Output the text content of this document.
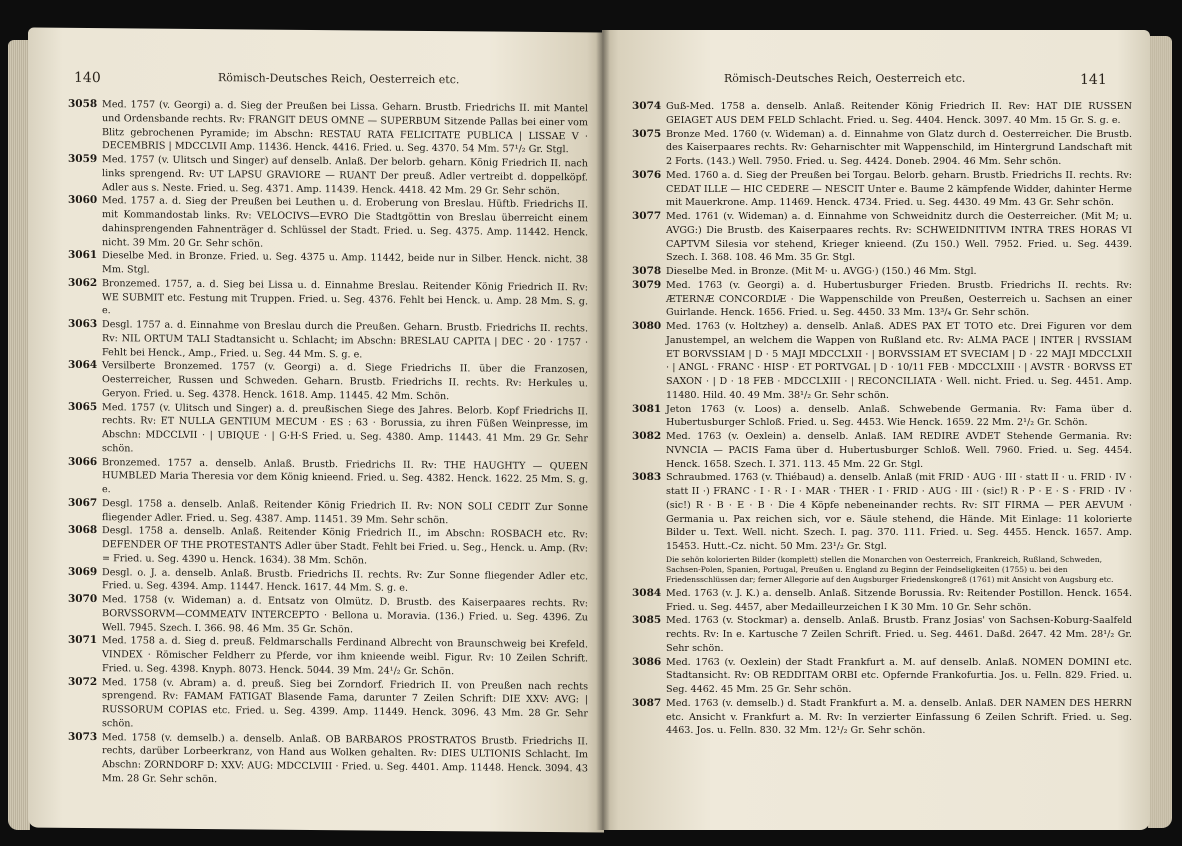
140	Römisch-Deutsches Reich, Oesterreich etc.
3058 Med. 1757 (v. Georgi) a. d. Sieg der Preußen bei Lissa. Geharn. Brustb. Friedrichs II. mit Mantel und Ordensbande rechts. Rv: FRANGIT DEUS OMNE — SUPERBUM Sitzende Pallas bei einer vom Blitz gebrochenen Pyramide; im Abschn: RESTAU RATA FELICITATE PUBLICA | LISSAE V · DECEMBRIS | MDCCLVII Amp. 11436. Henck. 4416. Fried. u. Seg. 4370. 54 Mm. 57¹/₂ Gr. Stgl.
3059 Med. 1757 (v. Ulitsch und Singer) auf denselb. Anlaß. Der belorb. geharn. König Friedrich II. nach links sprengend. Rv: UT LAPSU GRAVIORE — RUANT Der preuß. Adler vertreibt d. doppelköpf. Adler aus s. Neste. Fried. u. Seg. 4371. Amp. 11439. Henck. 4418. 42 Mm. 29 Gr. Sehr schön.
3060 Med. 1757 a. d. Sieg der Preußen bei Leuthen u. d. Eroberung von Breslau. Hüftb. Friedrichs II. mit Kommandostab links. Rv: VELOCIVS—EVRO Die Stadtgöttin von Breslau überreicht einem dahinsprengenden Fahnenträger d. Schlüssel der Stadt. Fried. u. Seg. 4375. Amp. 11442. Henck. nicht. 39 Mm. 20 Gr. Sehr schön.
3061 Dieselbe Med. in Bronze. Fried. u. Seg. 4375 u. Amp. 11442, beide nur in Silber. Henck. nicht. 38 Mm. Stgl.
3062 Bronzemed. 1757, a. d. Sieg bei Lissa u. d. Einnahme Breslau. Reitender König Friedrich II. Rv: WE SUBMIT etc. Festung mit Truppen. Fried. u. Seg. 4376. Fehlt bei Henck. u. Amp. 28 Mm. S. g. e.
3063 Desgl. 1757 a. d. Einnahme von Breslau durch die Preußen. Geharn. Brustb. Friedrichs II. rechts. Rv: NIL ORTUM TALI Stadtansicht u. Schlacht; im Abschn: BRESLAU CAPITA | DEC · 20 · 1757 · Fehlt bei Henck., Amp., Fried. u. Seg. 44 Mm. S. g. e.
3064 Versilberte Bronzemed. 1757 (v. Georgi) a. d. Siege Friedrichs II. über die Franzosen, Oesterreicher, Russen und Schweden. Geharn. Brustb. Friedrichs II. rechts. Rv: Herkules u. Geryon. Fried. u. Seg. 4378. Henck. 1618. Amp. 11445. 42 Mm. Schön.
3065 Med. 1757 (v. Ulitsch und Singer) a. d. preußischen Siege des Jahres. Belorb. Kopf Friedrichs II. rechts. Rv: ET NULLA GENTIUM MECUM · ES : 63 · Borussia, zu ihren Füßen Weinpresse, im Abschn: MDCCLVII · | UBIQUE · | G·H·S Fried. u. Seg. 4380. Amp. 11443. 41 Mm. 29 Gr. Sehr schön.
3066 Bronzemed. 1757 a. denselb. Anlaß. Brustb. Friedrichs II. Rv: THE HAUGHTY — QUEEN HUMBLED Maria Theresia vor dem König knieend. Fried. u. Seg. 4382. Henck. 1622. 25 Mm. S. g. e.
3067 Desgl. 1758 a. denselb. Anlaß. Reitender König Friedrich II. Rv: NON SOLI CEDIT Zur Sonne fliegender Adler. Fried. u. Seg. 4387. Amp. 11451. 39 Mm. Sehr schön.
3068 Desgl. 1758 a. denselb. Anlaß. Reitender König Friedrich II., im Abschn: ROSBACH etc. Rv: DEFENDER OF THE PROTESTANTS Adler über Stadt. Fehlt bei Fried. u. Seg., Henck. u. Amp. (Rv: = Fried. u. Seg. 4390 u. Henck. 1634). 38 Mm. Schön.
3069 Desgl. o. J. a. denselb. Anlaß. Brustb. Friedrichs II. rechts. Rv: Zur Sonne fliegender Adler etc. Fried. u. Seg. 4394. Amp. 11447. Henck. 1617. 44 Mm. S. g. e.
3070 Med. 1758 (v. Wideman) a. d. Entsatz von Olmütz. D. Brustb. des Kaiserpaares rechts. Rv: BORVSSORVM—COMMEATV INTERCEPTO · Bellona u. Moravia. (136.) Fried. u. Seg. 4396. Zu Well. 7945. Szech. I. 366. 98. 46 Mm. 35 Gr. Schön.
3071 Med. 1758 a. d. Sieg d. preuß. Feldmarschalls Ferdinand Albrecht von Braunschweig bei Krefeld. VINDEX · Römischer Feldherr zu Pferde, vor ihm knieende weibl. Figur. Rv: 10 Zeilen Schrift. Fried. u. Seg. 4398. Knyph. 8073. Henck. 5044. 39 Mm. 24¹/₂ Gr. Schön.
3072 Med. 1758 (v. Abram) a. d. preuß. Sieg bei Zorndorf. Friedrich II. von Preußen nach rechts sprengend. Rv: FAMAM FATIGAT Blasende Fama, darunter 7 Zeilen Schrift: DIE XXV: AVG: | RUSSORUM COPIAS etc. Fried. u. Seg. 4399. Amp. 11449. Henck. 3096. 43 Mm. 28 Gr. Sehr schön.
3073 Med. 1758 (v. demselb.) a. denselb. Anlaß. OB BARBAROS PROSTRATOS Brustb. Friedrichs II. rechts, darüber Lorbeerkranz, von Hand aus Wolken gehalten. Rv: DIES ULTIONIS Schlacht. Im Abschn: ZORNDORF D: XXV: AUG: MDCCLVIII · Fried. u. Seg. 4401. Amp. 11448. Henck. 3094. 43 Mm. 28 Gr. Sehr schön.
Römisch-Deutsches Reich, Oesterreich etc.	141
3074 Guß-Med. 1758 a. denselb. Anlaß. Reitender König Friedrich II. Rev: HAT DIE RUSSEN GEIAGET AUS DEM FELD Schlacht. Fried. u. Seg. 4404. Henck. 3097. 40 Mm. 15 Gr. S. g. e.
3075 Bronze Med. 1760 (v. Wideman) a. d. Einnahme von Glatz durch d. Oesterreicher. Die Brustb. des Kaiserpaares rechts. Rv: Geharnischter mit Wappenschild, im Hintergrund Landschaft mit 2 Forts. (143.) Well. 7950. Fried. u. Seg. 4424. Doneb. 2904. 46 Mm. Sehr schön.
3076 Med. 1760 a. d. Sieg der Preußen bei Torgau. Belorb. geharn. Brustb. Friedrichs II. rechts. Rv: CEDAT ILLE — HIC CEDERE — NESCIT Unter e. Baume 2 kämpfende Widder, dahinter Herme mit Mauerkrone. Amp. 11469. Henck. 4734. Fried. u. Seg. 4430. 49 Mm. 43 Gr. Sehr schön.
3077 Med. 1761 (v. Wideman) a. d. Einnahme von Schweidnitz durch die Oesterreicher. (Mit M; u. AVGG:) Die Brustb. des Kaiserpaares rechts. Rv: SCHWEIDNITIVM INTRA TRES HORAS VI CAPTVM Silesia vor stehend, Krieger knieend. (Zu 150.) Well. 7952. Fried. u. Seg. 4439. Szech. I. 368. 108. 46 Mm. 35 Gr. Stgl.
3078 Dieselbe Med. in Bronze. (Mit M· u. AVGG·) (150.) 46 Mm. Stgl.
3079 Med. 1763 (v. Georgi) a. d. Hubertusburger Frieden. Brustb. Friedrichs II. rechts. Rv: ÆTERNÆ CONCORDIÆ · Die Wappenschilde von Preußen, Oesterreich u. Sachsen an einer Guirlande. Henck. 1656. Fried. u. Seg. 4450. 33 Mm. 13³/₄ Gr. Sehr schön.
3080 Med. 1763 (v. Holtzhey) a. denselb. Anlaß. ADES PAX ET TOTO etc. Drei Figuren vor dem Janustempel, an welchem die Wappen von Rußland etc. Rv: ALMA PACE | INTER | RVSSIAM ET BORVSSIAM | D · 5 MAJI MDCCLXII · | BORVSSIAM ET SVECIAM | D · 22 MAJI MDCCLXII · | ANGL · FRANC · HISP · ET PORTVGAL | D · 10/11 FEB · MDCCLXIII · | AVSTR · BORVSS ET SAXON · | D · 18 FEB · MDCCLXIII · | RECONCILIATA · Well. nicht. Fried. u. Seg. 4451. Amp. 11480. Hild. 40. 49 Mm. 38¹/₂ Gr. Sehr schön.
3081 Jeton 1763 (v. Loos) a. denselb. Anlaß. Schwebende Germania. Rv: Fama über d. Hubertusburger Schloß. Fried. u. Seg. 4453. Wie Henck. 1659. 22 Mm. 2¹/₂ Gr. Schön.
3082 Med. 1763 (v. Oexlein) a. denselb. Anlaß. IAM REDIRE AVDET Stehende Germania. Rv: NVNCIA — PACIS Fama über d. Hubertusburger Schloß. Well. 7960. Fried. u. Seg. 4454. Henck. 1658. Szech. I. 371. 113. 45 Mm. 22 Gr. Stgl.
3083 Schraubmed. 1763 (v. Thiébaud) a. denselb. Anlaß (mit FRID · AUG · III · statt II · u. FRID · IV · statt II ·) FRANC · I · R · I · MAR · THER · I · FRID · AUG · III · (sic!) R · P · E · S · FRID · IV · (sic!) R · B · E · B · Die 4 Köpfe nebeneinander rechts. Rv: SIT FIRMA — PER AEVUM · Germania u. Pax reichen sich, vor e. Säule stehend, die Hände. Mit Einlage: 11 kolorierte Bilder u. Text. Well. nicht. Szech. I. pag. 370. 111. Fried. u. Seg. 4455. Henck. 1657. Amp. 15453. Hutt.-Cz. nicht. 50 Mm. 23¹/₂ Gr. Stgl.
Die sehön kolorierten Bilder (komplett) stellen die Monarchen von Oesterreich, Frankreich, Rußland, Schweden, Sachsen-Polen, Spanien, Portugal, Preußen u. England zu Beginn der Feindseligkeiten (1755) u. bei den Friedensschlüssen dar; ferner Allegorie auf den Augsburger Friedenskongreß (1761) mit Ansicht von Augsburg etc.
3084 Med. 1763 (v. J. K.) a. denselb. Anlaß. Sitzende Borussia. Rv: Reitender Postillon. Henck. 1654. Fried. u. Seg. 4457, aber Medailleurzeichen I K 30 Mm. 10 Gr. Sehr schön.
3085 Med. 1763 (v. Stockmar) a. denselb. Anlaß. Brustb. Franz Josias' von Sachsen-Koburg-Saalfeld rechts. Rv: In e. Kartusche 7 Zeilen Schrift. Fried. u. Seg. 4461. Daßd. 2647. 42 Mm. 28¹/₂ Gr. Sehr schön.
3086 Med. 1763 (v. Oexlein) der Stadt Frankfurt a. M. auf denselb. Anlaß. NOMEN DOMINI etc. Stadtansicht. Rv: OB REDDITAM ORBI etc. Opfernde Frankofurtia. Jos. u. Felln. 829. Fried. u. Seg. 4462. 45 Mm. 25 Gr. Sehr schön.
3087 Med. 1763 (v. demselb.) d. Stadt Frankfurt a. M. a. denselb. Anlaß. DER NAMEN DES HERRN etc. Ansicht v. Frankfurt a. M. Rv: In verzierter Einfassung 6 Zeilen Schrift. Fried. u. Seg. 4463. Jos. u. Felln. 830. 32 Mm. 12¹/₂ Gr. Sehr schön.
